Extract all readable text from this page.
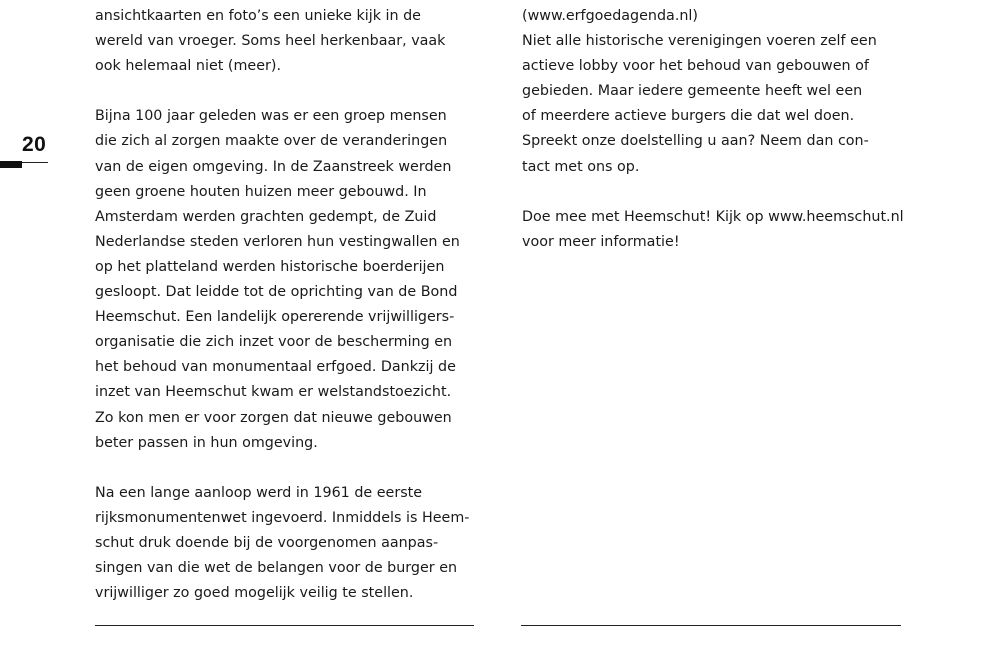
20
ansichtkaarten en foto’s een unieke kijk in de
wereld van vroeger. Soms heel herkenbaar, vaak
ook helemaal niet (meer).
Bijna 100 jaar geleden was er een groep mensen
die zich al zorgen maakte over de veranderingen
van de eigen omgeving. In de Zaanstreek werden
geen groene houten huizen meer gebouwd. In
Amsterdam werden grachten gedempt, de Zuid
Nederlandse steden verloren hun vestingwallen en
op het platteland werden historische boerderijen
gesloopt. Dat leidde tot de oprichting van de Bond
Heemschut. Een landelijk opererende vrijwilligers-
organisatie die zich inzet voor de bescherming en
het behoud van monumentaal erfgoed. Dankzij de
inzet van Heemschut kwam er welstandstoezicht.
Zo kon men er voor zorgen dat nieuwe gebouwen
beter passen in hun omgeving.
Na een lange aanloop werd in 1961 de eerste
rijksmonumentenwet ingevoerd. Inmiddels is Heem-
schut druk doende bij de voorgenomen aanpas-
singen van die wet de belangen voor de burger en
vrijwilliger zo goed mogelijk veilig te stellen.
(www.erfgoedagenda.nl)
Niet alle historische verenigingen voeren zelf een
actieve lobby voor het behoud van gebouwen of
gebieden. Maar iedere gemeente heeft wel een
of meerdere actieve burgers die dat wel doen.
Spreekt onze doelstelling u aan? Neem dan con-
tact met ons op.
Doe mee met Heemschut! Kijk op www.heemschut.nl
voor meer informatie!
